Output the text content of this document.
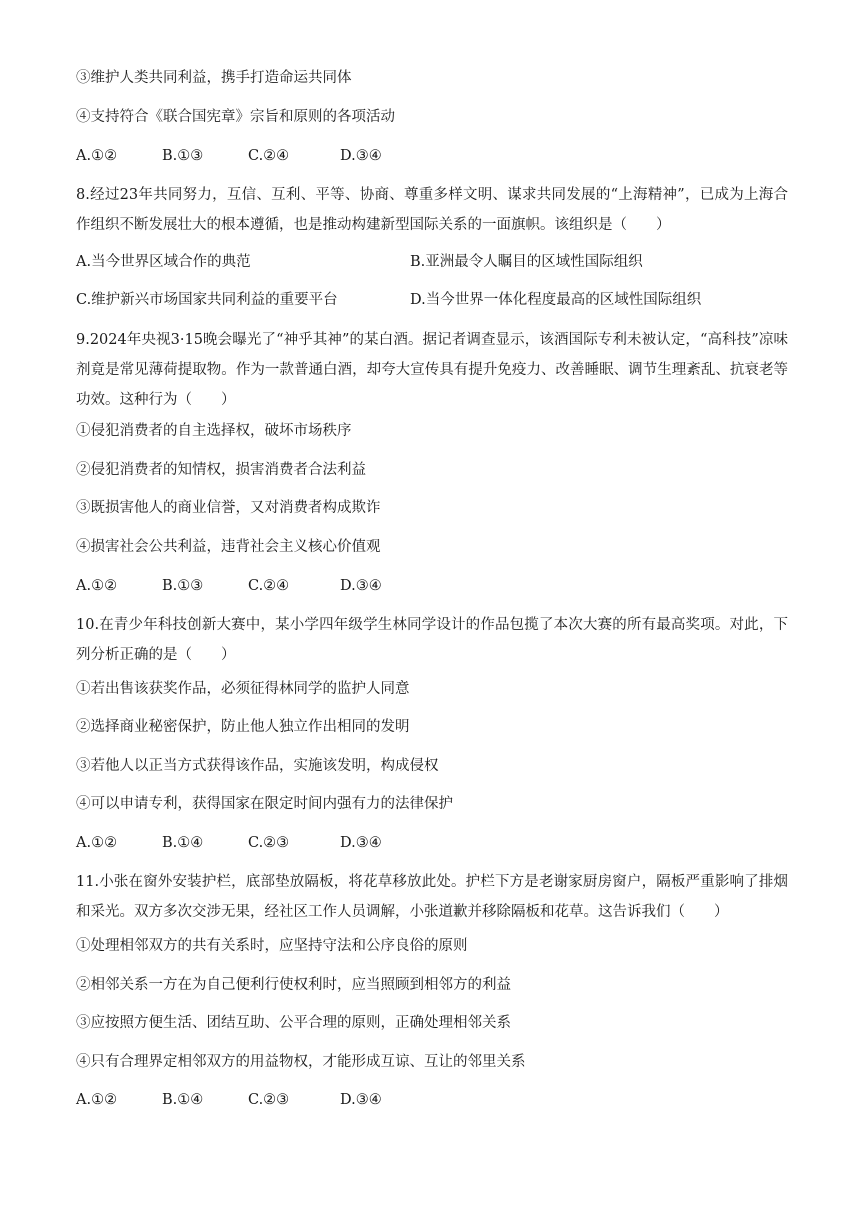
③维护人类共同利益，携手打造命运共同体
④支持符合《联合国宪章》宗旨和原则的各项活动
A.①②	B.①③	C.②④	D.③④
8.经过23年共同努力，互信、互利、平等、协商、尊重多样文明、谋求共同发展的“上海精神”，已成为上海合作组织不断发展壮大的根本遵循，也是推动构建新型国际关系的一面旗帜。该组织是（　　）
A.当今世界区域合作的典范	B.亚洲最令人瞩目的区域性国际组织
C.维护新兴市场国家共同利益的重要平台	D.当今世界一体化程度最高的区域性国际组织
9.2024年央视3·15晚会曝光了“神乎其神”的某白酒。据记者调查显示，该酒国际专利未被认定，“高科技”凉味剂竟是常见薄荷提取物。作为一款普通白酒，却夸大宣传具有提升免疫力、改善睡眠、调节生理紊乱、抗衰老等功效。这种行为（　　）
①侵犯消费者的自主选择权，破坏市场秩序
②侵犯消费者的知情权，损害消费者合法利益
③既损害他人的商业信誉，又对消费者构成欺诈
④损害社会公共利益，违背社会主义核心价值观
A.①②	B.①③	C.②④	D.③④
10.在青少年科技创新大赛中，某小学四年级学生林同学设计的作品包揽了本次大赛的所有最高奖项。对此，下列分析正确的是（　　）
①若出售该获奖作品，必须征得林同学的监护人同意
②选择商业秘密保护，防止他人独立作出相同的发明
③若他人以正当方式获得该作品，实施该发明，构成侵权
④可以申请专利，获得国家在限定时间内强有力的法律保护
A.①②	B.①④	C.②③	D.③④
11.小张在窗外安装护栏，底部垫放隔板，将花草移放此处。护栏下方是老谢家厨房窗户，隔板严重影响了排烟和采光。双方多次交涉无果，经社区工作人员调解，小张道歉并移除隔板和花草。这告诉我们（　　）
①处理相邻双方的共有关系时，应坚持守法和公序良俗的原则
②相邻关系一方在为自己便利行使权利时，应当照顾到相邻方的利益
③应按照方便生活、团结互助、公平合理的原则，正确处理相邻关系
④只有合理界定相邻双方的用益物权，才能形成互谅、互让的邻里关系
A.①②	B.①④	C.②③	D.③④
